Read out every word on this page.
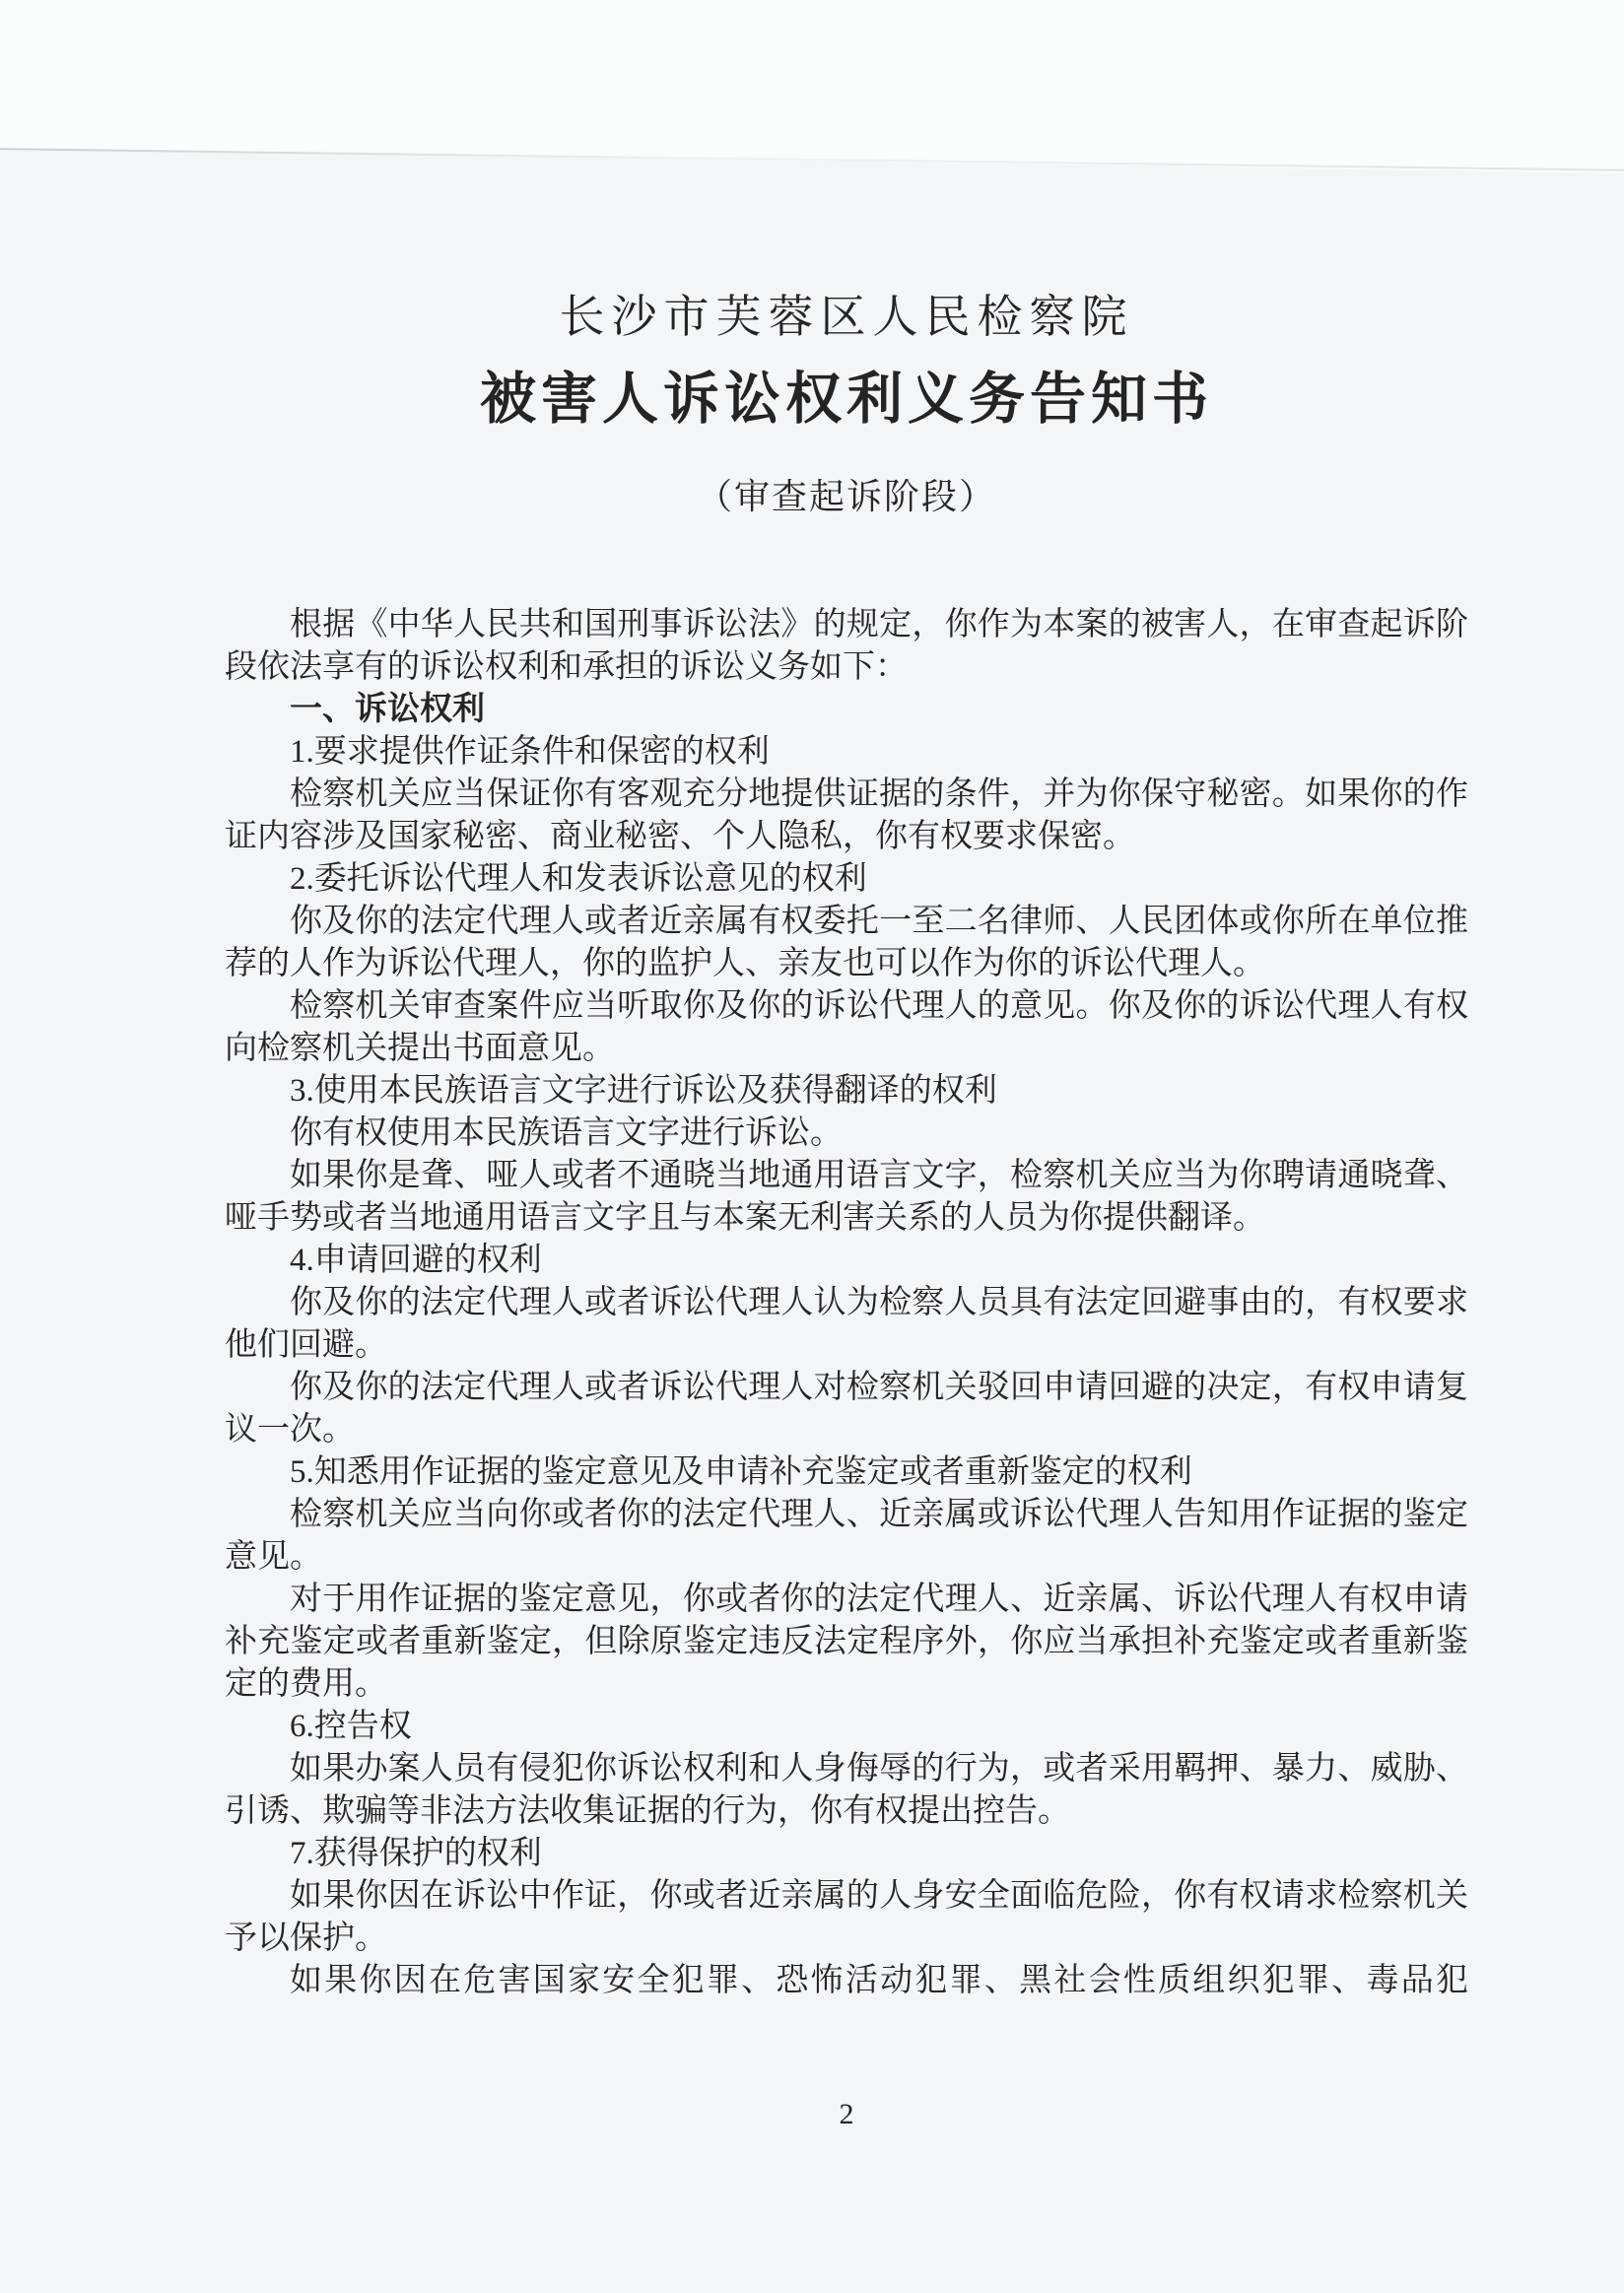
长沙市芙蓉区人民检察院
被害人诉讼权利义务告知书
（审查起诉阶段）

根据《中华人民共和国刑事诉讼法》的规定，你作为本案的被害人，在审查起诉阶段依法享有的诉讼权利和承担的诉讼义务如下：

一、诉讼权利

1.要求提供作证条件和保密的权利

检察机关应当保证你有客观充分地提供证据的条件，并为你保守秘密。如果你的作证内容涉及国家秘密、商业秘密、个人隐私，你有权要求保密。

2.委托诉讼代理人和发表诉讼意见的权利

你及你的法定代理人或者近亲属有权委托一至二名律师、人民团体或你所在单位推荐的人作为诉讼代理人，你的监护人、亲友也可以作为你的诉讼代理人。

检察机关审查案件应当听取你及你的诉讼代理人的意见。你及你的诉讼代理人有权向检察机关提出书面意见。

3.使用本民族语言文字进行诉讼及获得翻译的权利

你有权使用本民族语言文字进行诉讼。

如果你是聋、哑人或者不通晓当地通用语言文字，检察机关应当为你聘请通晓聋、哑手势或者当地通用语言文字且与本案无利害关系的人员为你提供翻译。

4.申请回避的权利

你及你的法定代理人或者诉讼代理人认为检察人员具有法定回避事由的，有权要求他们回避。

你及你的法定代理人或者诉讼代理人对检察机关驳回申请回避的决定，有权申请复议一次。

5.知悉用作证据的鉴定意见及申请补充鉴定或者重新鉴定的权利

检察机关应当向你或者你的法定代理人、近亲属或诉讼代理人告知用作证据的鉴定意见。

对于用作证据的鉴定意见，你或者你的法定代理人、近亲属、诉讼代理人有权申请补充鉴定或者重新鉴定，但除原鉴定违反法定程序外，你应当承担补充鉴定或者重新鉴定的费用。

6.控告权

如果办案人员有侵犯你诉讼权利和人身侮辱的行为，或者采用羁押、暴力、威胁、引诱、欺骗等非法方法收集证据的行为，你有权提出控告。

7.获得保护的权利

如果你因在诉讼中作证，你或者近亲属的人身安全面临危险，你有权请求检察机关予以保护。

如果你因在危害国家安全犯罪、恐怖活动犯罪、黑社会性质组织犯罪、毒品犯

2
